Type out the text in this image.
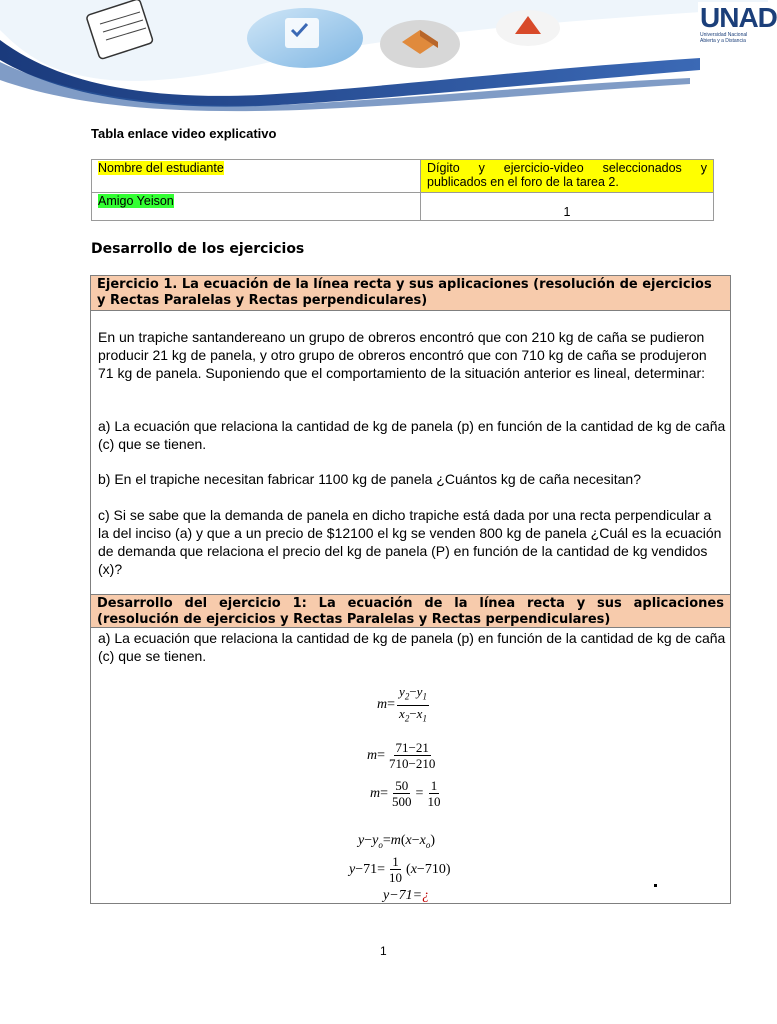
UNAD
Universidad Nacional
Abierta y a Distancia
Tabla enlace video explicativo
Nombre del estudiante	Dígito y ejercicio-video seleccionados y publicados en el foro de la tarea 2.

Amigo Yeison	1
Desarrollo de los ejercicios
Ejercicio 1. La ecuación de la línea recta y sus aplicaciones (resolución de ejercicios y Rectas Paralelas y Rectas perpendiculares)
En un trapiche santandereano un grupo de obreros encontró que con 210 kg de caña se pudieron producir 21 kg de panela, y otro grupo de obreros encontró que con 710 kg de caña se produjeron 71 kg de panela. Suponiendo que el comportamiento de la situación anterior es lineal, determinar:
a) La ecuación que relaciona la cantidad de kg de panela (p) en función de la cantidad de kg de caña (c) que se tienen.
b) En el trapiche necesitan fabricar 1100 kg de panela ¿Cuántos kg de caña necesitan?
c) Si se sabe que la demanda de panela en dicho trapiche está dada por una recta perpendicular a la del inciso (a) y que a un precio de $12100 el kg se venden 800 kg de panela ¿Cuál es la ecuación de demanda que relaciona el precio del kg de panela (P) en función de la cantidad de kg vendidos (x)?
Desarrollo del ejercicio 1: La ecuación de la línea recta y sus aplicaciones
(resolución de ejercicios y Rectas Paralelas y Rectas perpendiculares)
a) La ecuación que relaciona la cantidad de kg de panela (p) en función de la cantidad de kg de caña (c) que se tienen.
$m = \frac{y_2-y_1}{x_2-x_1}$
$m = \frac{71-21}{710-210}$
$m = \frac{50}{500} = \frac{1}{10}$
$y - y_o = m$ ( $x - x_o$ )
$y - 71 = \frac{1}{10}$ ( x − 710 )
y−71= ¿
1
